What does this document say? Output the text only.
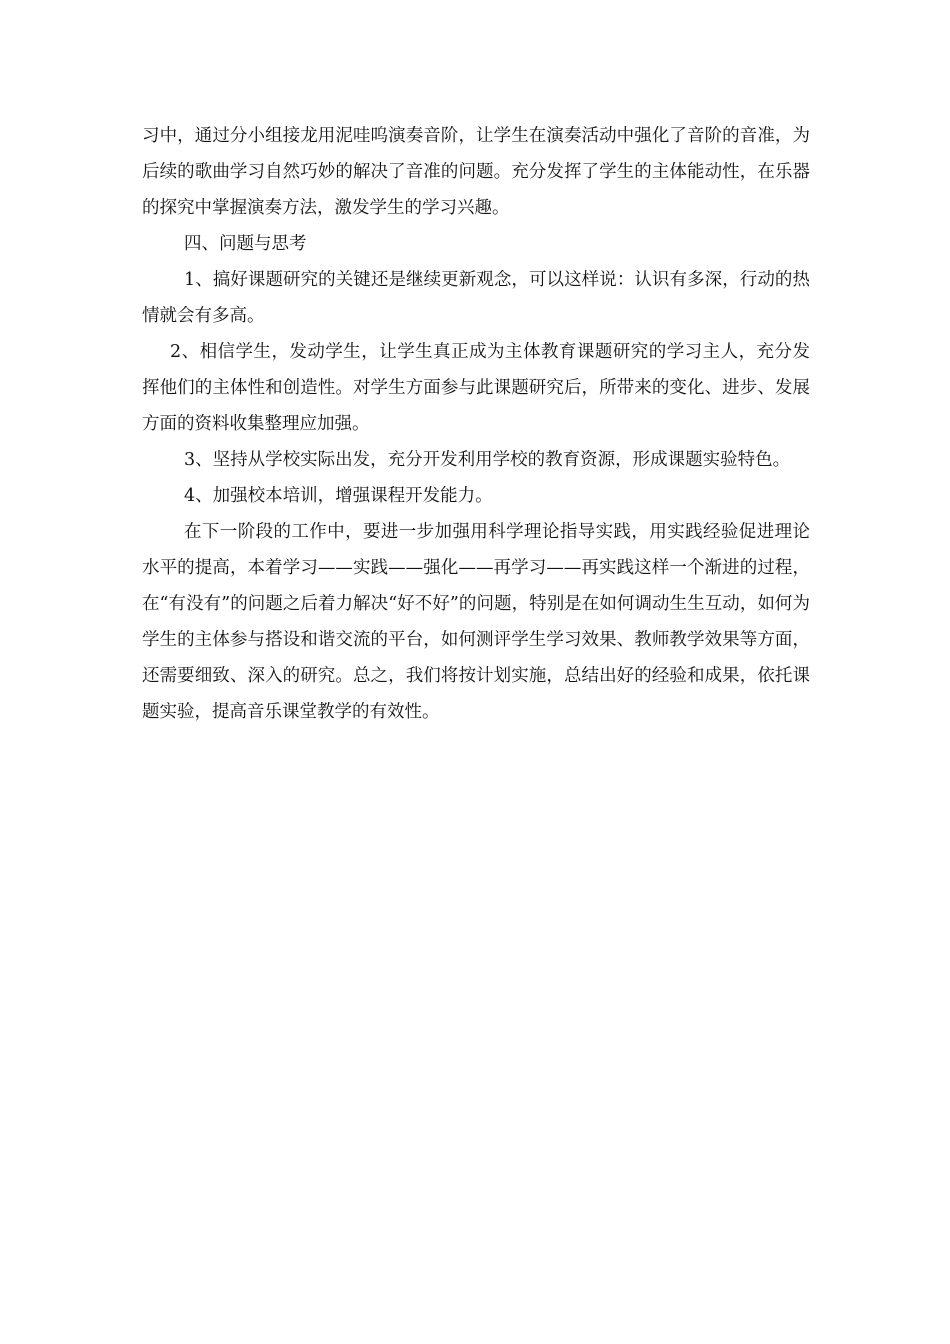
习中，通过分小组接龙用泥哇呜演奏音阶，让学生在演奏活动中强化了音阶的音准，为后续的歌曲学习自然巧妙的解决了音准的问题。充分发挥了学生的主体能动性，在乐器的探究中掌握演奏方法，激发学生的学习兴趣。

四、问题与思考

1、搞好课题研究的关键还是继续更新观念，可以这样说：认识有多深，行动的热情就会有多高。

2、相信学生，发动学生，让学生真正成为主体教育课题研究的学习主人，充分发挥他们的主体性和创造性。对学生方面参与此课题研究后，所带来的变化、进步、发展方面的资料收集整理应加强。

3、坚持从学校实际出发，充分开发利用学校的教育资源，形成课题实验特色。

4、加强校本培训，增强课程开发能力。

在下一阶段的工作中，要进一步加强用科学理论指导实践，用实践经验促进理论水平的提高，本着学习——实践——强化——再学习——再实践这样一个渐进的过程，在“有没有”的问题之后着力解决“好不好”的问题，特别是在如何调动生生互动，如何为学生的主体参与搭设和谐交流的平台，如何测评学生学习效果、教师教学效果等方面，还需要细致、深入的研究。总之，我们将按计划实施，总结出好的经验和成果，依托课题实验，提高音乐课堂教学的有效性。
